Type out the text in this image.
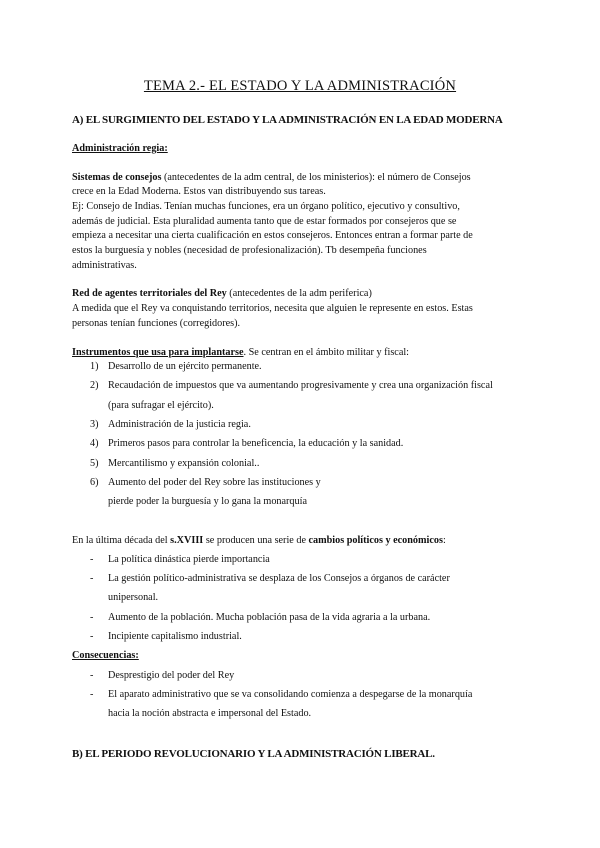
TEMA 2.- EL ESTADO Y LA ADMINISTRACIÓN
A) EL SURGIMIENTO DEL ESTADO Y LA ADMINISTRACIÓN EN LA EDAD MODERNA
Administración regia:
Sistemas de consejos (antecedentes de la adm central, de los ministerios): el número de Consejos
crece en la Edad Moderna. Estos van distribuyendo sus tareas.
Ej: Consejo de Indias. Tenían muchas funciones, era un órgano político, ejecutivo y consultivo,
además de judicial. Esta pluralidad aumenta tanto que de estar formados por consejeros que se
empieza a necesitar una cierta cualificación en estos consejeros. Entonces entran a formar parte de
estos la burguesía y nobles (necesidad de profesionalización). Tb desempeña funciones
administrativas.
Red de agentes territoriales del Rey (antecedentes de la adm periferica)
A medida que el Rey va conquistando territorios, necesita que alguien le represente en estos. Estas
personas tenían funciones (corregidores).
Instrumentos que usa para implantarse. Se centran en el ámbito militar y fiscal:
1) Desarrollo de un ejército permanente.
2) Recaudación de impuestos que va aumentando progresivamente y crea una organización fiscal
(para sufragar el ejército).
3) Administración de la justicia regia.
4) Primeros pasos para controlar la beneficencia, la educación y la sanidad.
5) Mercantilismo y expansión colonial..
6) Aumento del poder del Rey sobre las instituciones y
pierde poder la burguesía y lo gana la monarquía
En la última década del s.XVIII se producen una serie de cambios políticos y económicos:
- La política dinástica pierde importancia
- La gestión político-administrativa se desplaza de los Consejos a órganos de carácter
unipersonal.
- Aumento de la población. Mucha población pasa de la vida agraria a la urbana.
- Incipiente capitalismo industrial.
Consecuencias:
- Desprestigio del poder del Rey
- El aparato administrativo que se va consolidando comienza a despegarse de la monarquía
hacia la noción abstracta e impersonal del Estado.
B) EL PERIODO REVOLUCIONARIO Y LA ADMINISTRACIÓN LIBERAL.
